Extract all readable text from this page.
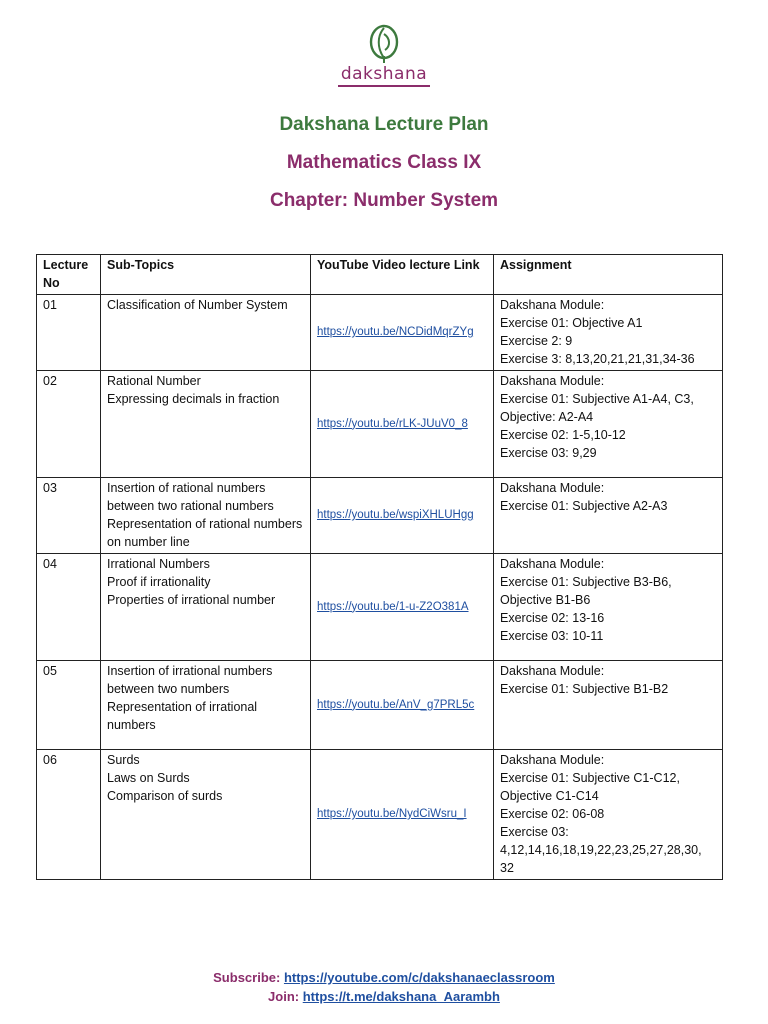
dakshana
Dakshana Lecture Plan
Mathematics Class IX
Chapter: Number System
Lecture No	Sub-Topics	YouTube Video lecture Link	Assignment
01	Classification of Number System	https://youtu.be/NCDidMqrZYg	Dakshana Module:
Exercise 01: Objective A1
Exercise 2: 9
Exercise 3: 8,13,20,21,21,31,34-36

02	Rational Number
Expressing decimals in fraction	https://youtu.be/rLK-JUuV0_8	Dakshana Module:
Exercise 01: Subjective A1-A4, C3, Objective: A2-A4
Exercise 02: 1-5,10-12
Exercise 03: 9,29

03	Insertion of rational numbers between two rational numbers
Representation of rational numbers on number line	https://youtu.be/wspiXHLUHgg	Dakshana Module:
Exercise 01: Subjective A2-A3

04	Irrational Numbers
Proof if irrationality
Properties of irrational number	https://youtu.be/1-u-Z2O381A	Dakshana Module:
Exercise 01: Subjective B3-B6, Objective B1-B6
Exercise 02: 13-16
Exercise 03: 10-11

05	Insertion of irrational numbers between two numbers
Representation of irrational numbers	https://youtu.be/AnV_g7PRL5c	Dakshana Module:
Exercise 01: Subjective B1-B2

06	Surds
Laws on Surds
Comparison of surds	https://youtu.be/NydCiWsru_I	Dakshana Module:
Exercise 01: Subjective C1-C12, Objective C1-C14
Exercise 02: 06-08
Exercise 03: 4,12,14,16,18,19,22,23,25,27,28,30, 32
Subscribe: https://youtube.com/c/dakshanaeclassroom
Join: https://t.me/dakshana_Aarambh
